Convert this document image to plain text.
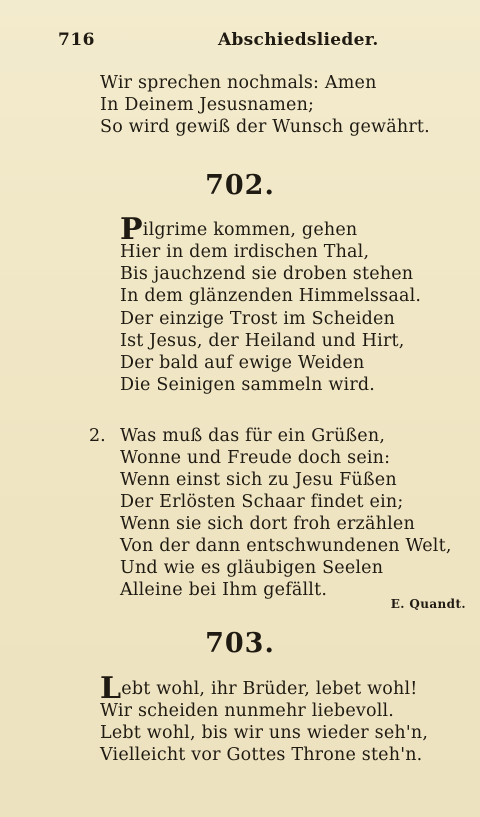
716	Abschiedslieder.
Wir sprechen nochmals: Amen
In Deinem Jesusnamen;
So wird gewiß der Wunsch gewährt.
702.
Pilgrime kommen, gehen
Hier in dem irdischen Thal,
Bis jauchzend sie droben stehen
In dem glänzenden Himmelssaal.
Der einzige Trost im Scheiden
Ist Jesus, der Heiland und Hirt,
Der bald auf ewige Weiden
Die Seinigen sammeln wird.
2. Was muß das für ein Grüßen,
Wonne und Freude doch sein:
Wenn einst sich zu Jesu Füßen
Der Erlösten Schaar findet ein;
Wenn sie sich dort froh erzählen
Von der dann entschwundenen Welt,
Und wie es gläubigen Seelen
Alleine bei Ihm gefällt.
E. Quandt.
703.
Lebt wohl, ihr Brüder, lebet wohl!
Wir scheiden nunmehr liebevoll.
Lebt wohl, bis wir uns wieder seh'n,
Vielleicht vor Gottes Throne steh'n.
